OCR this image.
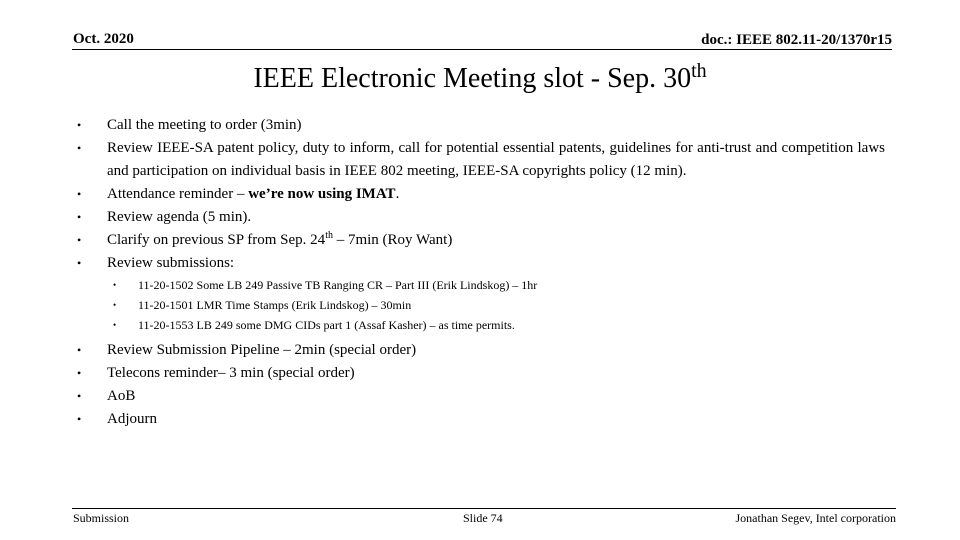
Oct. 2020	doc.: IEEE 802.11-20/1370r15
IEEE Electronic Meeting slot - Sep. 30th
• Call the meeting to order (3min)
• Review IEEE-SA patent policy, duty to inform, call for potential essential patents, guidelines for anti-trust and competition laws and participation on individual basis in IEEE 802 meeting, IEEE-SA copyrights policy (12 min).
• Attendance reminder – we’re now using IMAT.
• Review agenda (5 min).
• Clarify on previous SP from Sep. 24th – 7min (Roy Want)
• Review submissions:
• 11-20-1502 Some LB 249 Passive TB Ranging CR – Part III (Erik Lindskog) – 1hr
• 11-20-1501 LMR Time Stamps (Erik Lindskog) – 30min
• 11-20-1553 LB 249 some DMG CIDs part 1 (Assaf Kasher) – as time permits.
• Review Submission Pipeline – 2min (special order)
• Telecons reminder– 3 min (special order)
• AoB
• Adjourn
Submission	Slide 74	Jonathan Segev, Intel corporation
